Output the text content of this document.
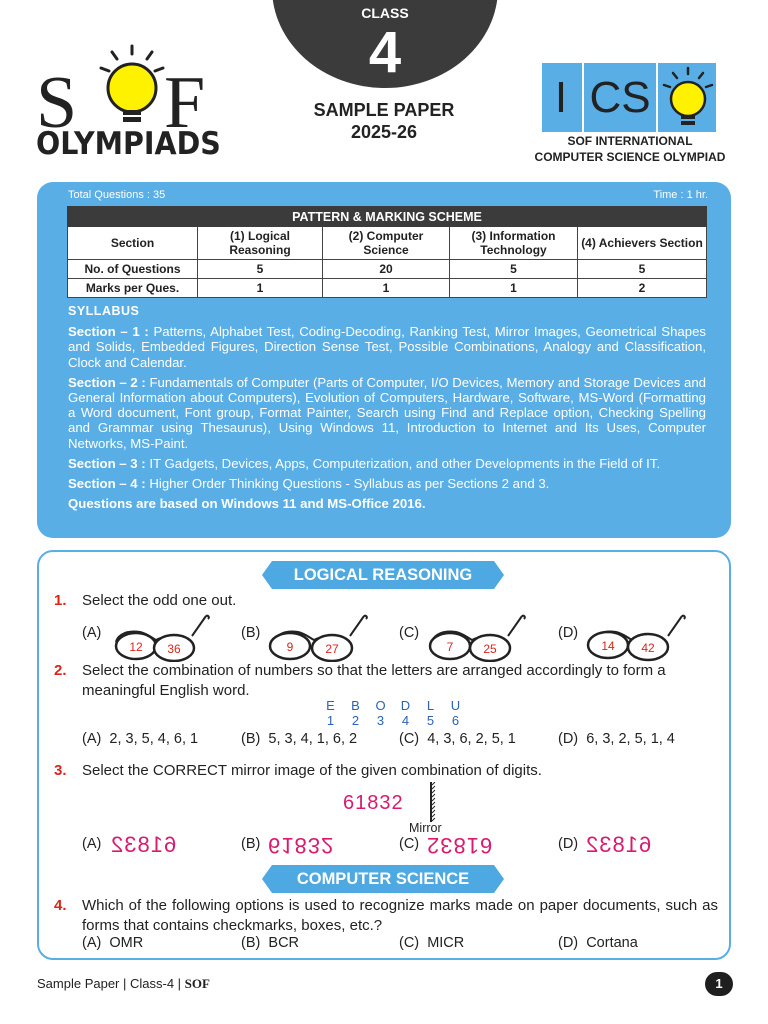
S F
OLYMPIADS
CLASS
4
SAMPLE PAPER
2025-26
I CS
SOF INTERNATIONAL
COMPUTER SCIENCE OLYMPIAD
Total Questions : 35	Time : 1 hr.
PATTERN & MARKING SCHEME				
Section	(1) Logical Reasoning	(2) Computer Science	(3) Information Technology	(4) Achievers Section
No. of Questions	5	20	5	5
Marks per Ques.	1	1	1	2
SYLLABUS

Section – 1 : Patterns, Alphabet Test, Coding-Decoding, Ranking Test, Mirror Images, Geometrical Shapes and Solids, Embedded Figures, Direction Sense Test, Possible Combinations, Analogy and Classification, Clock and Calendar.

Section – 2 : Fundamentals of Computer (Parts of Computer, I/O Devices, Memory and Storage Devices and General Information about Computers), Evolution of Computers, Hardware, Software, MS-Word (Formatting a Word document, Font group, Format Painter, Search using Find and Replace option, Checking Spelling and Grammar using Thesaurus), Using Windows 11, Introduction to Internet and Its Uses, Computer Networks, MS-Paint.

Section – 3 : IT Gadgets, Devices, Apps, Computerization, and other Developments in the Field of IT.

Section – 4 : Higher Order Thinking Questions - Syllabus as per Sections 2 and 3.

Questions are based on Windows 11 and MS-Office 2016.
LOGICAL REASONING
1. Select the odd one out.
(A)	(B)	(C)	(D)
12 36	9	27	7 25	14 42
2. Select the combination of numbers so that the letters are arranged accordingly to form a meaningful English word.
E B O D L U
1 2 3 4 5 6
(A) 2, 3, 5, 4, 6, 1	(B) 5, 3, 4, 1, 6, 2	(C) 4, 3, 6, 2, 5, 1	(D) 6, 3, 2, 5, 1, 4
3. Select the CORRECT mirror image of the given combination of digits.
61832
Mirror
(A) 61832	(B) 61832	(C) 61832	(D) 61832
COMPUTER SCIENCE
4. Which of the following options is used to recognize marks made on paper documents, such as forms that contains checkmarks, boxes, etc.?
(A) OMR	(B) BCR	(C) MICR	(D) Cortana
Sample Paper | Class-4 | SOF	1
